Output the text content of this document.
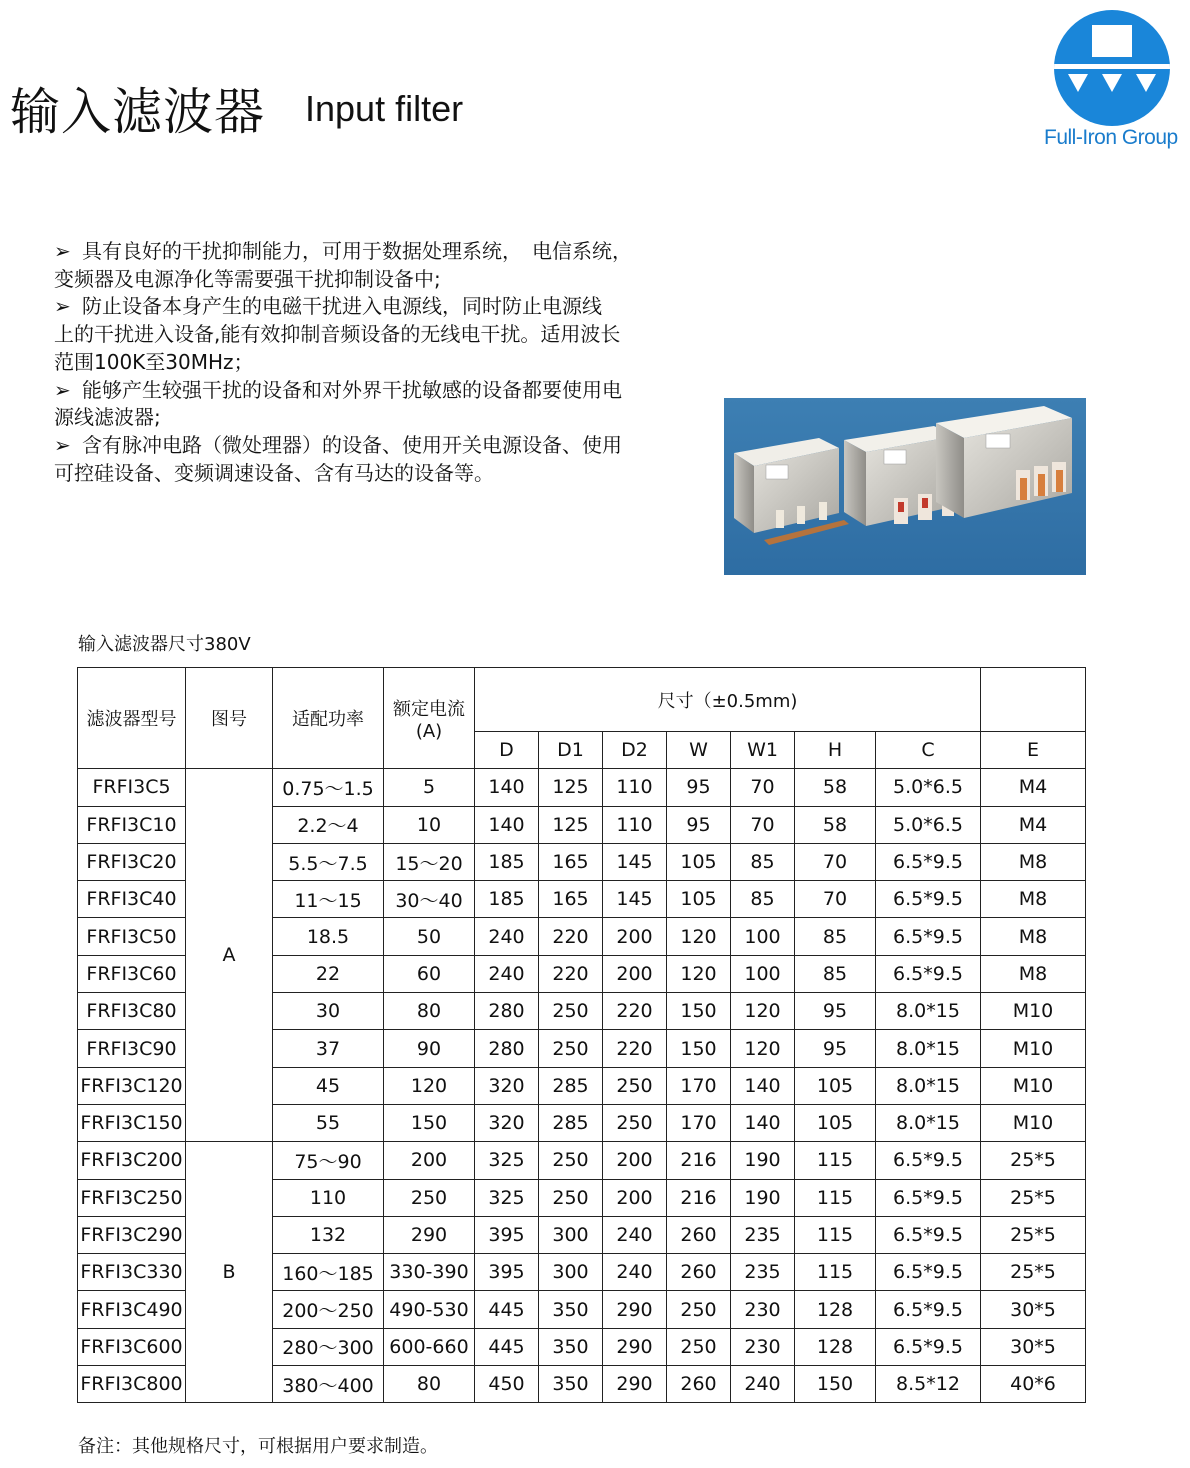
输入滤波器 Input filter
Full-Iron Group

➢ 具有良好的干扰抑制能力，可用于数据处理系统，　电信系统，

变频器及电源净化等需要强干扰抑制设备中;

➢ 防止设备本身产生的电磁干扰进入电源线，同时防止电源线

上的干扰进入设备,能有效抑制音频设备的无线电干扰。适用波长

范围100K至30MHz；

➢ 能够产生较强干扰的设备和对外界干扰敏感的设备都要使用电

源线滤波器;

➢ 含有脉冲电路（微处理器）的设备、使用开关电源设备、使用

可控硅设备、变频调速设备、含有马达的设备等。

输入滤波器尺寸380V
滤波器型号	图号	适配功率	额定电流
(A)	尺寸（±0.5mm)							
				D	D1	D2	W	W1	H	C	E
FRFI3C5	A	0.75～1.5	5	140	125	110	95	70	58	5.0*6.5	M4
FRFI3C10		2.2～4	10	140	125	110	95	70	58	5.0*6.5	M4
FRFI3C20		5.5～7.5	15～20	185	165	145	105	85	70	6.5*9.5	M8
FRFI3C40		11～15	30～40	185	165	145	105	85	70	6.5*9.5	M8
FRFI3C50		18.5	50	240	220	200	120	100	85	6.5*9.5	M8
FRFI3C60		22	60	240	220	200	120	100	85	6.5*9.5	M8
FRFI3C80		30	80	280	250	220	150	120	95	8.0*15	M10
FRFI3C90		37	90	280	250	220	150	120	95	8.0*15	M10
FRFI3C120		45	120	320	285	250	170	140	105	8.0*15	M10
FRFI3C150		55	150	320	285	250	170	140	105	8.0*15	M10
FRFI3C200	B	75～90	200	325	250	200	216	190	115	6.5*9.5	25*5
FRFI3C250		110	250	325	250	200	216	190	115	6.5*9.5	25*5
FRFI3C290		132	290	395	300	240	260	235	115	6.5*9.5	25*5
FRFI3C330		160～185	330-390	395	300	240	260	235	115	6.5*9.5	25*5
FRFI3C490		200～250	490-530	445	350	290	250	230	128	6.5*9.5	30*5
FRFI3C600		280～300	600-660	445	350	290	250	230	128	6.5*9.5	30*5
FRFI3C800		380～400	80	450	350	290	260	240	150	8.5*12	40*6
备注：其他规格尺寸，可根据用户要求制造。
